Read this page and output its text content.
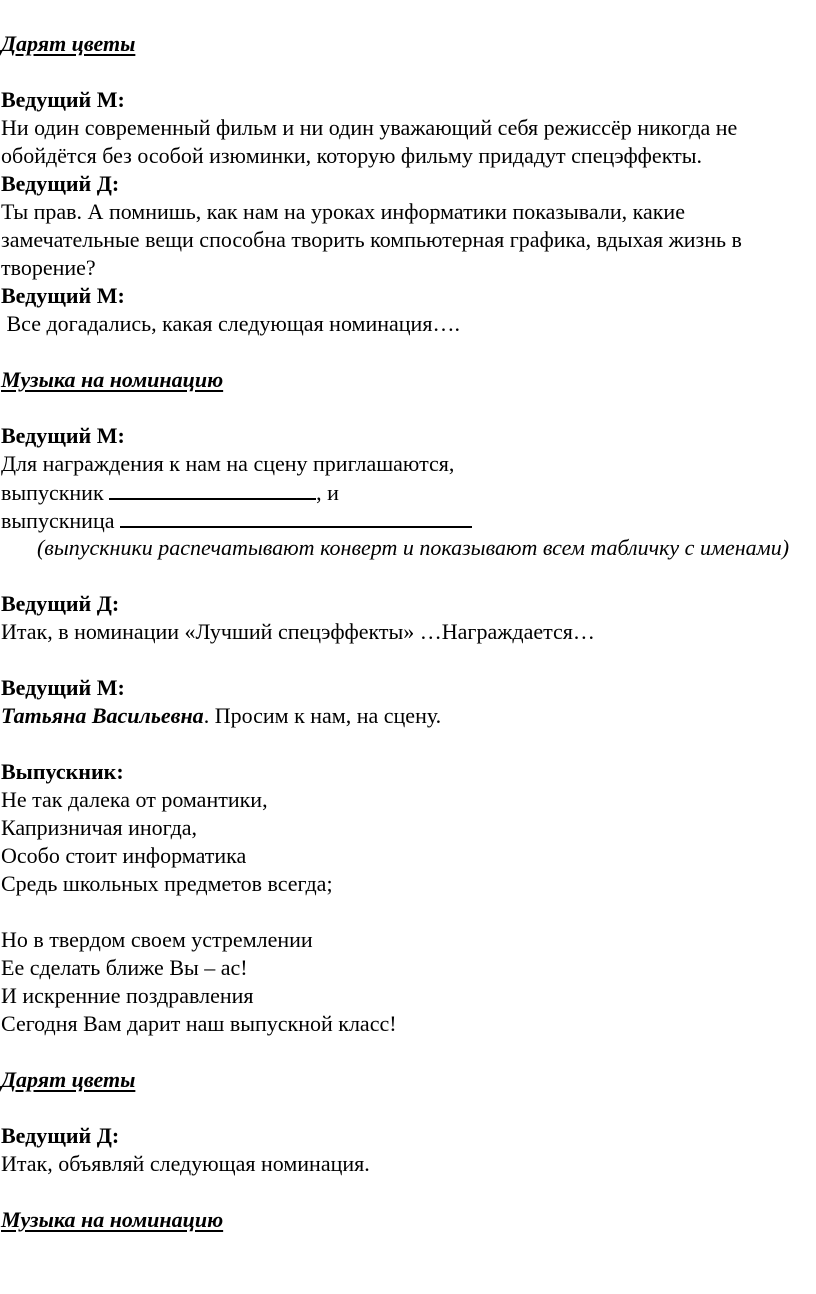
Дарят цветы

Ведущий М:

Ни один современный фильм и ни один уважающий себя режиссёр никогда не обойдётся без особой изюминки, которую фильму придадут спецэффекты.

Ведущий Д:

Ты прав. А помнишь, как нам на уроках информатики показывали, какие замечательные вещи способна творить компьютерная графика, вдыхая жизнь в творение?

Ведущий М:

Все догадались, какая следующая номинация….

Музыка на номинацию

Ведущий М:

Для награждения к нам на сцену приглашаются,

выпускник	, и

выпускница

(выпускники распечатывают конверт и показывают всем табличку с именами)

Ведущий Д:

Итак, в номинации «Лучший спецэффекты» …Награждается…

Ведущий М:

Татьяна Васильевна. Просим к нам, на сцену.

Выпускник:

Не так далека от романтики,

Капризничая иногда,

Особо стоит информатика

Средь школьных предметов всегда;

Но в твердом своем устремлении

Ее сделать ближе Вы – ас!

И искренние поздравления

Сегодня Вам дарит наш выпускной класс!

Дарят цветы

Ведущий Д:

Итак, объявляй следующая номинация.

Музыка на номинацию
